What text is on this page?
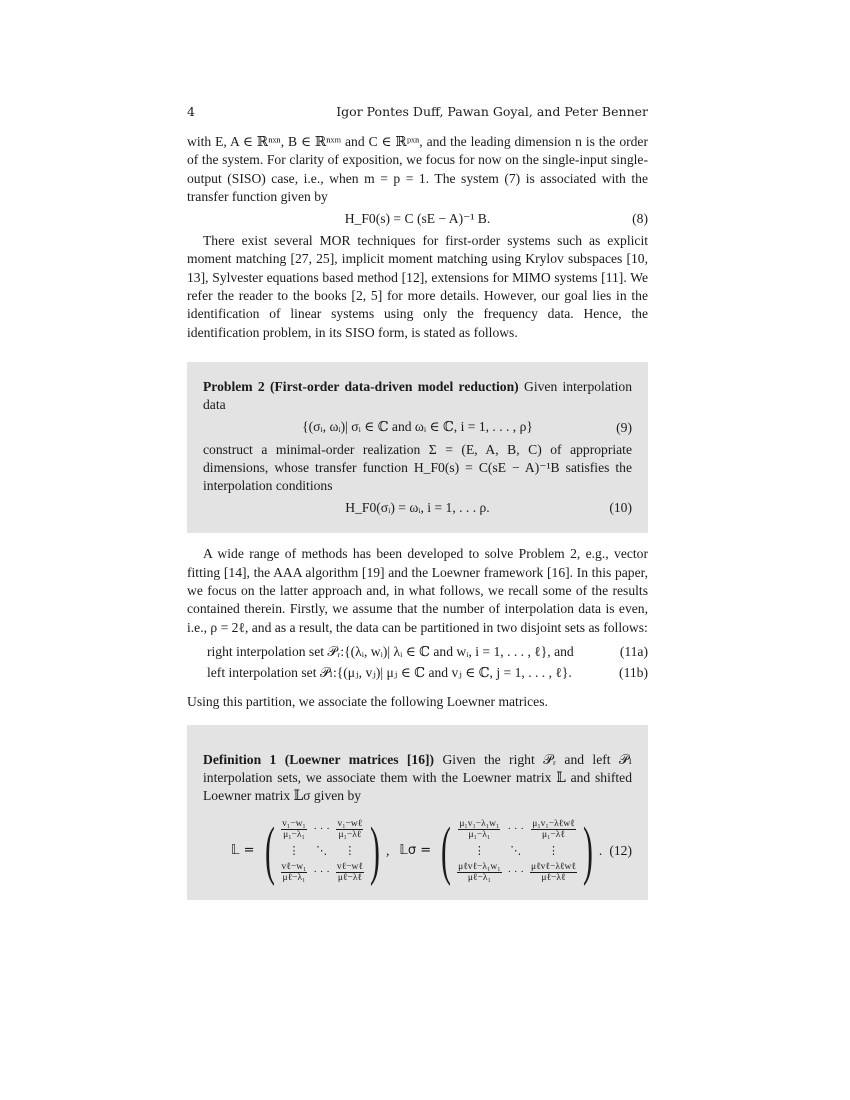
4	Igor Pontes Duff, Pawan Goyal, and Peter Benner

with E, A ∈ ℝⁿˣⁿ, B ∈ ℝⁿˣᵐ and C ∈ ℝᵖˣⁿ, and the leading dimension n is the order of the system. For clarity of exposition, we focus for now on the single-input single-output (SISO) case, i.e., when m = p = 1. The system (7) is associated with the transfer function given by

H_F0(s) = C (sE − A)⁻¹ B.	(8)

There exist several MOR techniques for first-order systems such as explicit moment matching [27, 25], implicit moment matching using Krylov subspaces [10, 13], Sylvester equations based method [12], extensions for MIMO systems [11]. We refer the reader to the books [2, 5] for more details. However, our goal lies in the identification of linear systems using only the frequency data. Hence, the identification problem, in its SISO form, is stated as follows.

Problem 2 (First-order data-driven model reduction) Given interpolation data

{(σᵢ, ωᵢ)| σᵢ ∈ ℂ and ωᵢ ∈ ℂ, i = 1, . . . , ρ}	(9)

construct a minimal-order realization Σ = (E, A, B, C) of appropriate dimensions, whose transfer function H_F0(s) = C(sE − A)⁻¹B satisfies the interpolation conditions

H_F0(σᵢ) = ωᵢ, i = 1, . . . ρ.	(10)

A wide range of methods has been developed to solve Problem 2, e.g., vector fitting [14], the AAA algorithm [19] and the Loewner framework [16]. In this paper, we focus on the latter approach and, in what follows, we recall some of the results contained therein. Firstly, we assume that the number of interpolation data is even, i.e., ρ = 2ℓ, and as a result, the data can be partitioned in two disjoint sets as follows:

right interpolation set 𝒫ᵣ:{(λᵢ, wᵢ)| λᵢ ∈ ℂ and wᵢ, i = 1, . . . , ℓ}, and	(11a)
left interpolation set 𝒫ₗ:{(μⱼ, vⱼ)| μⱼ ∈ ℂ and vⱼ ∈ ℂ, j = 1, . . . , ℓ}.	(11b)

Using this partition, we associate the following Loewner matrices.

Definition 1 (Loewner matrices [16]) Given the right 𝒫ᵣ and left 𝒫ₗ interpolation sets, we associate them with the Loewner matrix 𝕃 and shifted Loewner matrix 𝕃σ given by

𝕃 = ( $\frac{\text{v₁−w₁}}{\text{μ₁−λ₁}}$ · · · $\frac{\text{v₁−wℓ}}{\text{μ₁−λℓ}}$
⋮ ⋱ ⋮
$\frac{\text{vℓ−w₁}}{\text{μℓ−λ₁}}$ · · · $\frac{\text{vℓ−wℓ}}{\text{μℓ−λℓ}}$ ) , 𝕃σ = ( $\frac{\text{μ₁v₁−λ₁w₁}}{\text{μ₁−λ₁}}$ · · · $\frac{\text{μ₁v₁−λℓwℓ}}{\text{μ₁−λℓ}}$
⋮ ⋱ ⋮
$\frac{\text{μℓvℓ−λ₁w₁}}{\text{μℓ−λ₁}}$ · · · $\frac{\text{μℓvℓ−λℓwℓ}}{\text{μℓ−λℓ}}$ ) . (12)
